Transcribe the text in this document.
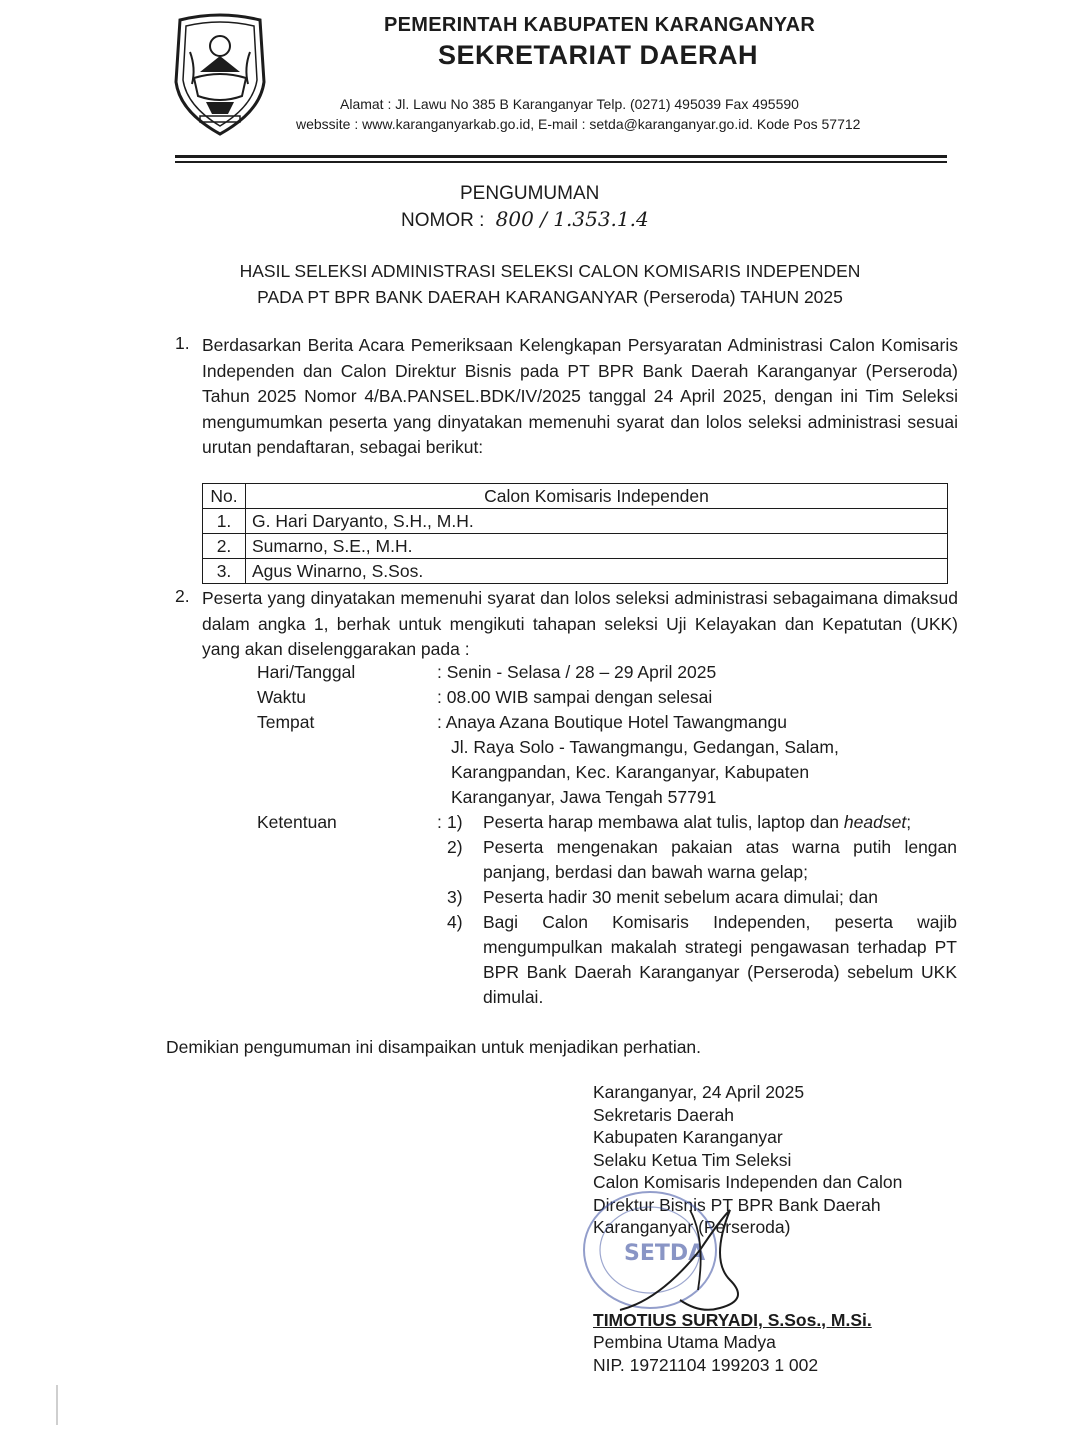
PEMERINTAH KABUPATEN KARANGANYAR
SEKRETARIAT DAERAH
Alamat : Jl. Lawu No 385 B Karanganyar Telp. (0271) 495039 Fax 495590
webssite : www.karanganyarkab.go.id, E-mail : setda@karanganyar.go.id. Kode Pos 57712
PENGUMUMAN
NOMOR : 800 / 1.353.1.4
HASIL SELEKSI ADMINISTRASI SELEKSI CALON KOMISARIS INDEPENDEN
PADA PT BPR BANK DAERAH KARANGANYAR (Perseroda) TAHUN 2025
1. Berdasarkan Berita Acara Pemeriksaan Kelengkapan Persyaratan Administrasi Calon Komisaris Independen dan Calon Direktur Bisnis pada PT BPR Bank Daerah Karanganyar (Perseroda) Tahun 2025 Nomor 4/BA.PANSEL.BDK/IV/2025 tanggal 24 April 2025, dengan ini Tim Seleksi mengumumkan peserta yang dinyatakan memenuhi syarat dan lolos seleksi administrasi sesuai urutan pendaftaran, sebagai berikut:
No.	Calon Komisaris Independen
1.	G. Hari Daryanto, S.H., M.H.
2.	Sumarno, S.E., M.H.
3.	Agus Winarno, S.Sos.
2. Peserta yang dinyatakan memenuhi syarat dan lolos seleksi administrasi sebagaimana dimaksud dalam angka 1, berhak untuk mengikuti tahapan seleksi Uji Kelayakan dan Kepatutan (UKK) yang akan diselenggarakan pada :
Hari/Tanggal	: Senin - Selasa / 28 – 29 April 2025
Waktu	: 08.00 WIB sampai dengan selesai
Tempat	: Anaya Azana Boutique Hotel Tawangmangu
Jl. Raya Solo - Tawangmangu, Gedangan, Salam,
Karangpandan, Kec. Karanganyar, Kabupaten
Karanganyar, Jawa Tengah 57791
Ketentuan	: 1) Peserta harap membawa alat tulis, laptop dan headset;
2) Peserta mengenakan pakaian atas warna putih lengan panjang, berdasi dan bawah warna gelap;
3) Peserta hadir 30 menit sebelum acara dimulai; dan
4) Bagi Calon Komisaris Independen, peserta wajib mengumpulkan makalah strategi pengawasan terhadap PT BPR Bank Daerah Karanganyar (Perseroda) sebelum UKK dimulai.
Demikian pengumuman ini disampaikan untuk menjadikan perhatian.
Karanganyar, 24 April 2025
Sekretaris Daerah
Kabupaten Karanganyar
Selaku Ketua Tim Seleksi
Calon Komisaris Independen dan Calon
Direktur Bisnis PT BPR Bank Daerah
Karanganyar (Perseroda)
SETDA
TIMOTIUS SURYADI, S.Sos., M.Si.
Pembina Utama Madya
NIP. 19721104 199203 1 002
